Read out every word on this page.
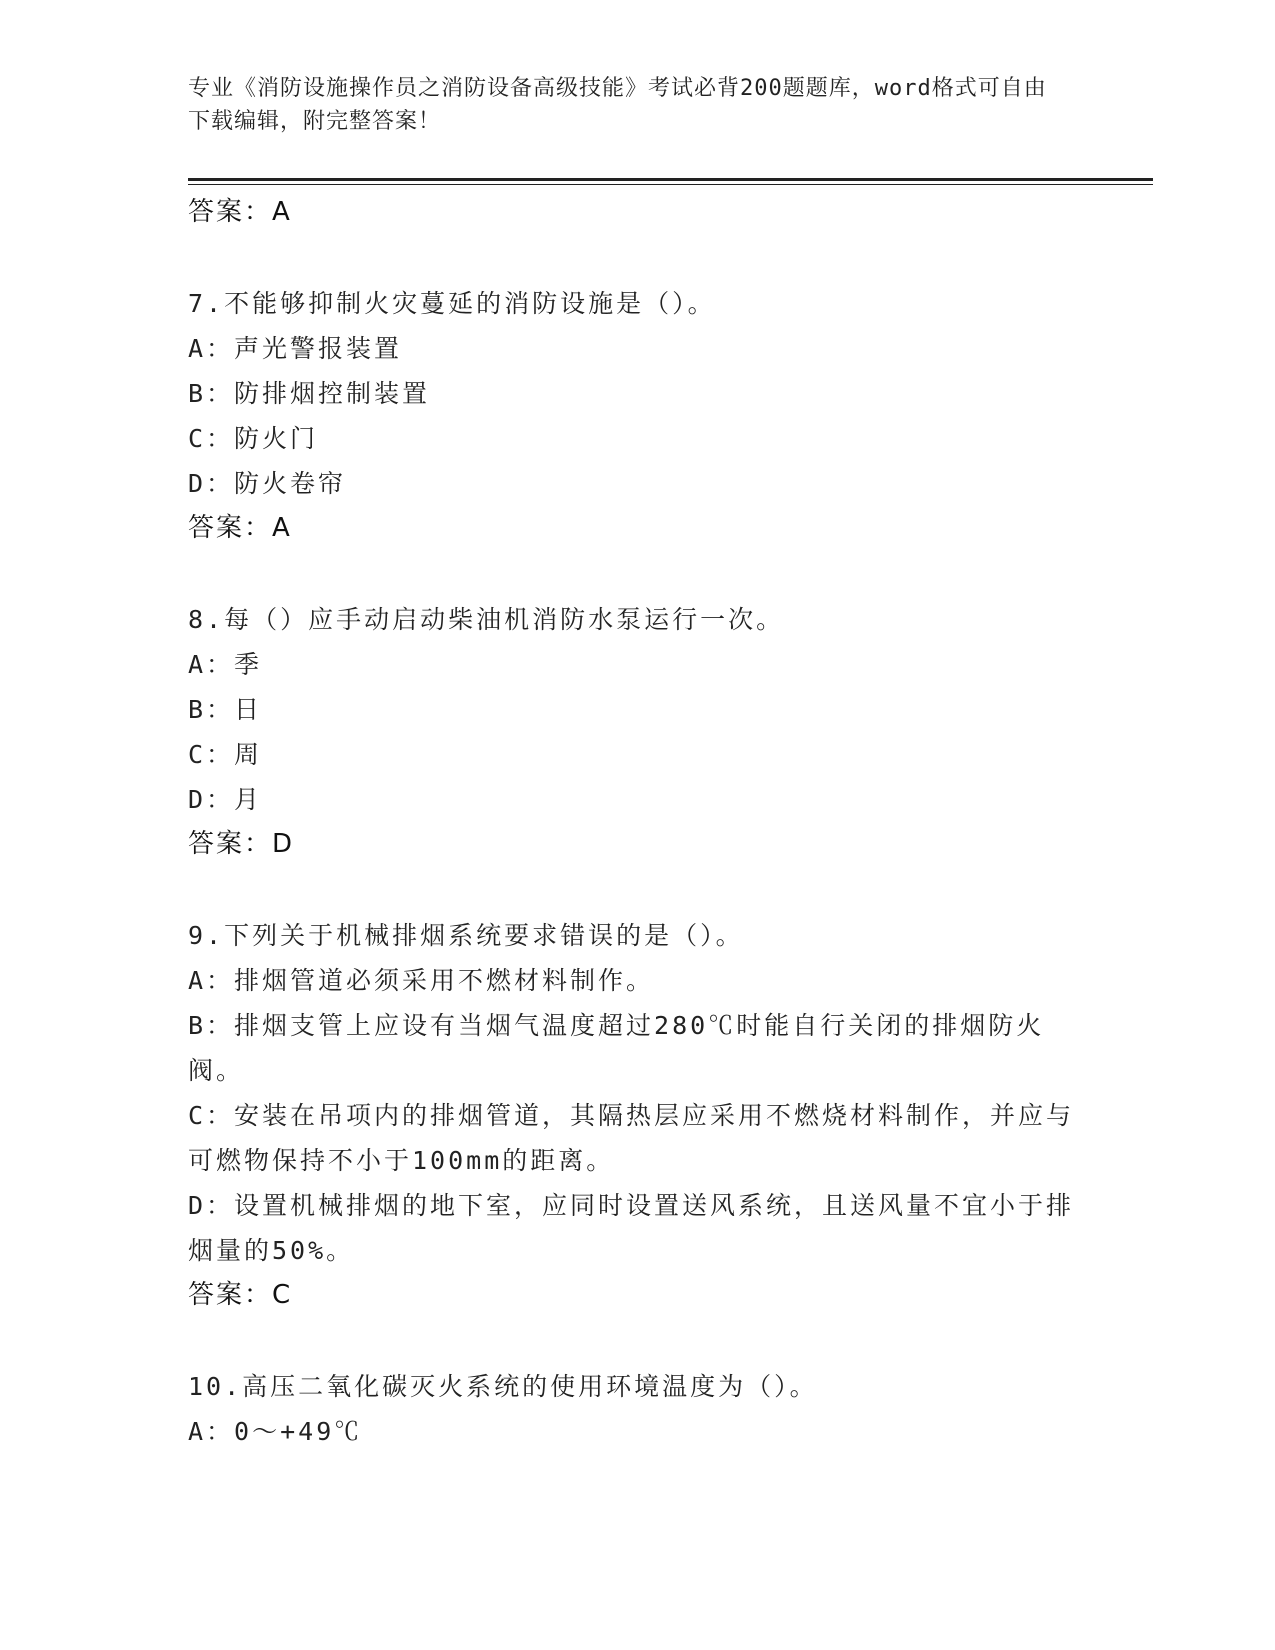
专业《消防设施操作员之消防设备高级技能》考试必背200题题库，word格式可自由下载编辑，附完整答案！
答案：A
7.不能够抑制火灾蔓延的消防设施是（）。
A：声光警报装置
B：防排烟控制装置
C：防火门
D：防火卷帘
答案：A
8.每（）应手动启动柴油机消防水泵运行一次。
A：季
B：日
C：周
D：月
答案：D
9.下列关于机械排烟系统要求错误的是（）。
A：排烟管道必须采用不燃材料制作。
B：排烟支管上应设有当烟气温度超过280℃时能自行关闭的排烟防火阀。
C：安装在吊项内的排烟管道，其隔热层应采用不燃烧材料制作，并应与可燃物保持不小于100mm的距离。
D：设置机械排烟的地下室，应同时设置送风系统，且送风量不宜小于排烟量的50%。
答案：C
10.高压二氧化碳灭火系统的使用环境温度为（）。
A：0～+49℃
